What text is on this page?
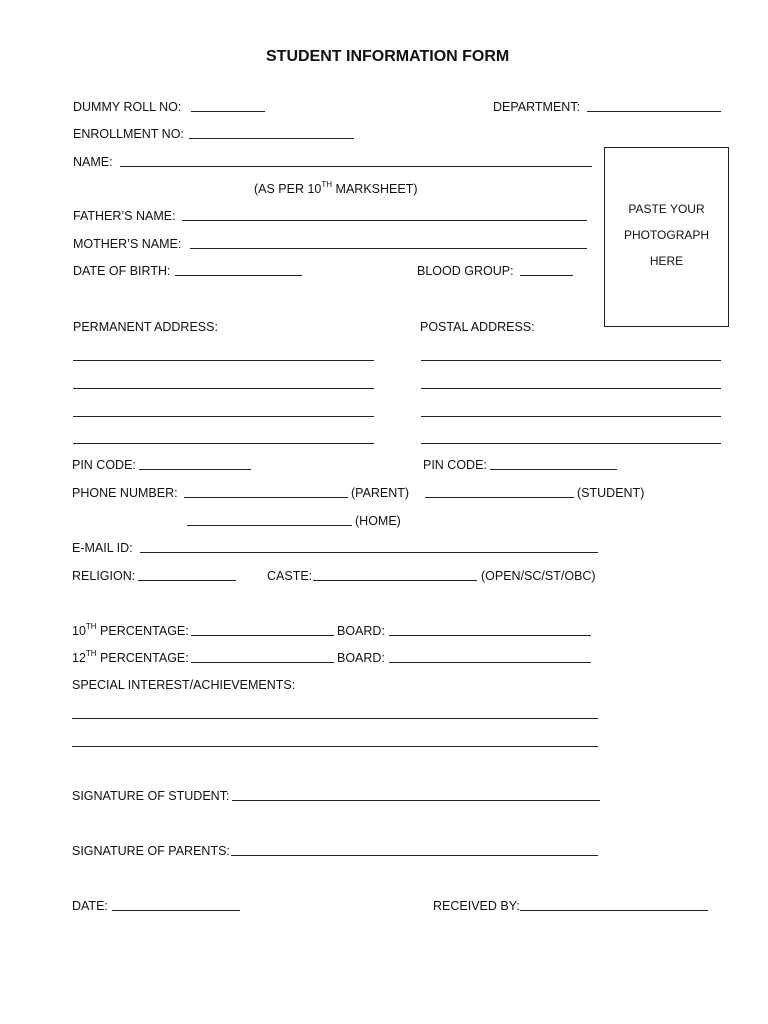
STUDENT INFORMATION FORM
DUMMY ROLL NO:	DEPARTMENT:
ENROLLMENT NO:
NAME:
(AS PER 10TH MARKSHEET)
FATHER’S NAME:
MOTHER’S NAME:
DATE OF BIRTH:	BLOOD GROUP:
PASTE YOUR
PHOTOGRAPH
HERE
PERMANENT ADDRESS:	POSTAL ADDRESS:
PIN CODE:	PIN CODE:
PHONE NUMBER:	(PARENT)	(STUDENT)
(HOME)
E-MAIL ID:
RELIGION:	CASTE:	(OPEN/SC/ST/OBC)
10TH PERCENTAGE:	BOARD:
12TH PERCENTAGE:	BOARD:
SPECIAL INTEREST/ACHIEVEMENTS:
SIGNATURE OF STUDENT:
SIGNATURE OF PARENTS:
DATE:	RECEIVED BY:
